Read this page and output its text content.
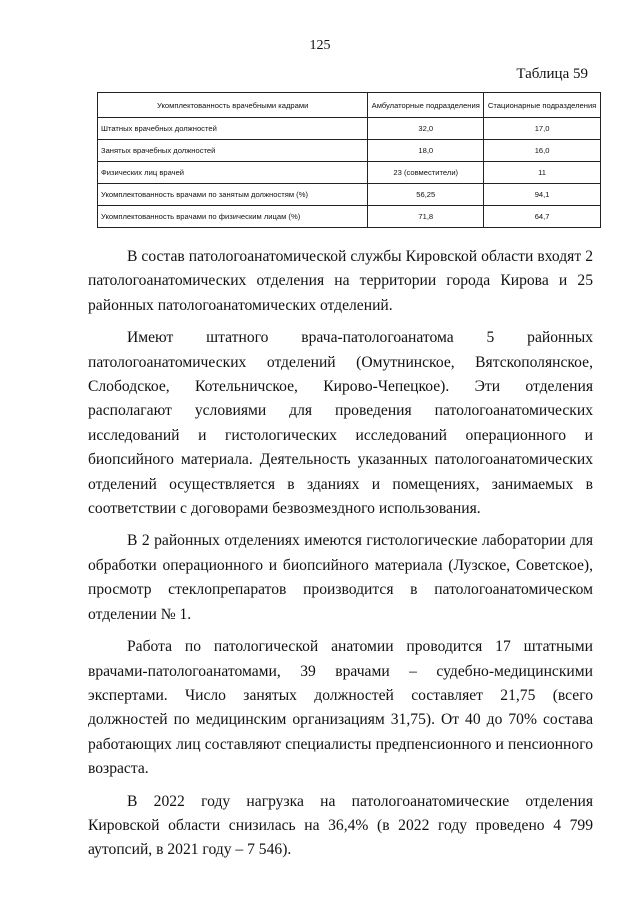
125
Таблица 59
Укомплектованность врачебными кадрами	Амбулаторные подразделения	Стационарные подразделения
Штатных врачебных должностей	32,0	17,0
Занятых врачебных должностей	18,0	16,0
Физических лиц врачей	23 (совместители)	11
Укомплектованность врачами по занятым должностям (%)	56,25	94,1
Укомплектованность врачами по физическим лицам (%)	71,8	64,7

В состав патологоанатомической службы Кировской области входят 2 патологоанатомических отделения на территории города Кирова и 25 районных патологоанатомических отделений.

Имеют штатного врача-патологоанатома 5 районных патологоанатомических отделений (Омутнинское, Вятскополянское, Слободское, Котельничское, Кирово-Чепецкое). Эти отделения располагают условиями для проведения патологоанатомических исследований и гистологических исследований операционного и биопсийного материала. Деятельность указанных патологоанатомических отделений осуществляется в зданиях и помещениях, занимаемых в соответствии с договорами безвозмездного использования.

В 2 районных отделениях имеются гистологические лаборатории для обработки операционного и биопсийного материала (Лузское, Советское), просмотр стеклопрепаратов производится в патологоанатомическом отделении № 1.

Работа по патологической анатомии проводится 17 штатными врачами-патологоанатомами, 39 врачами – судебно-медицинскими экспертами. Число занятых должностей составляет 21,75 (всего должностей по медицинским организациям 31,75). От 40 до 70% состава работающих лиц составляют специалисты предпенсионного и пенсионного возраста.

В 2022 году нагрузка на патологоанатомические отделения Кировской области снизилась на 36,4% (в 2022 году проведено 4 799 аутопсий, в 2021 году – 7 546).
